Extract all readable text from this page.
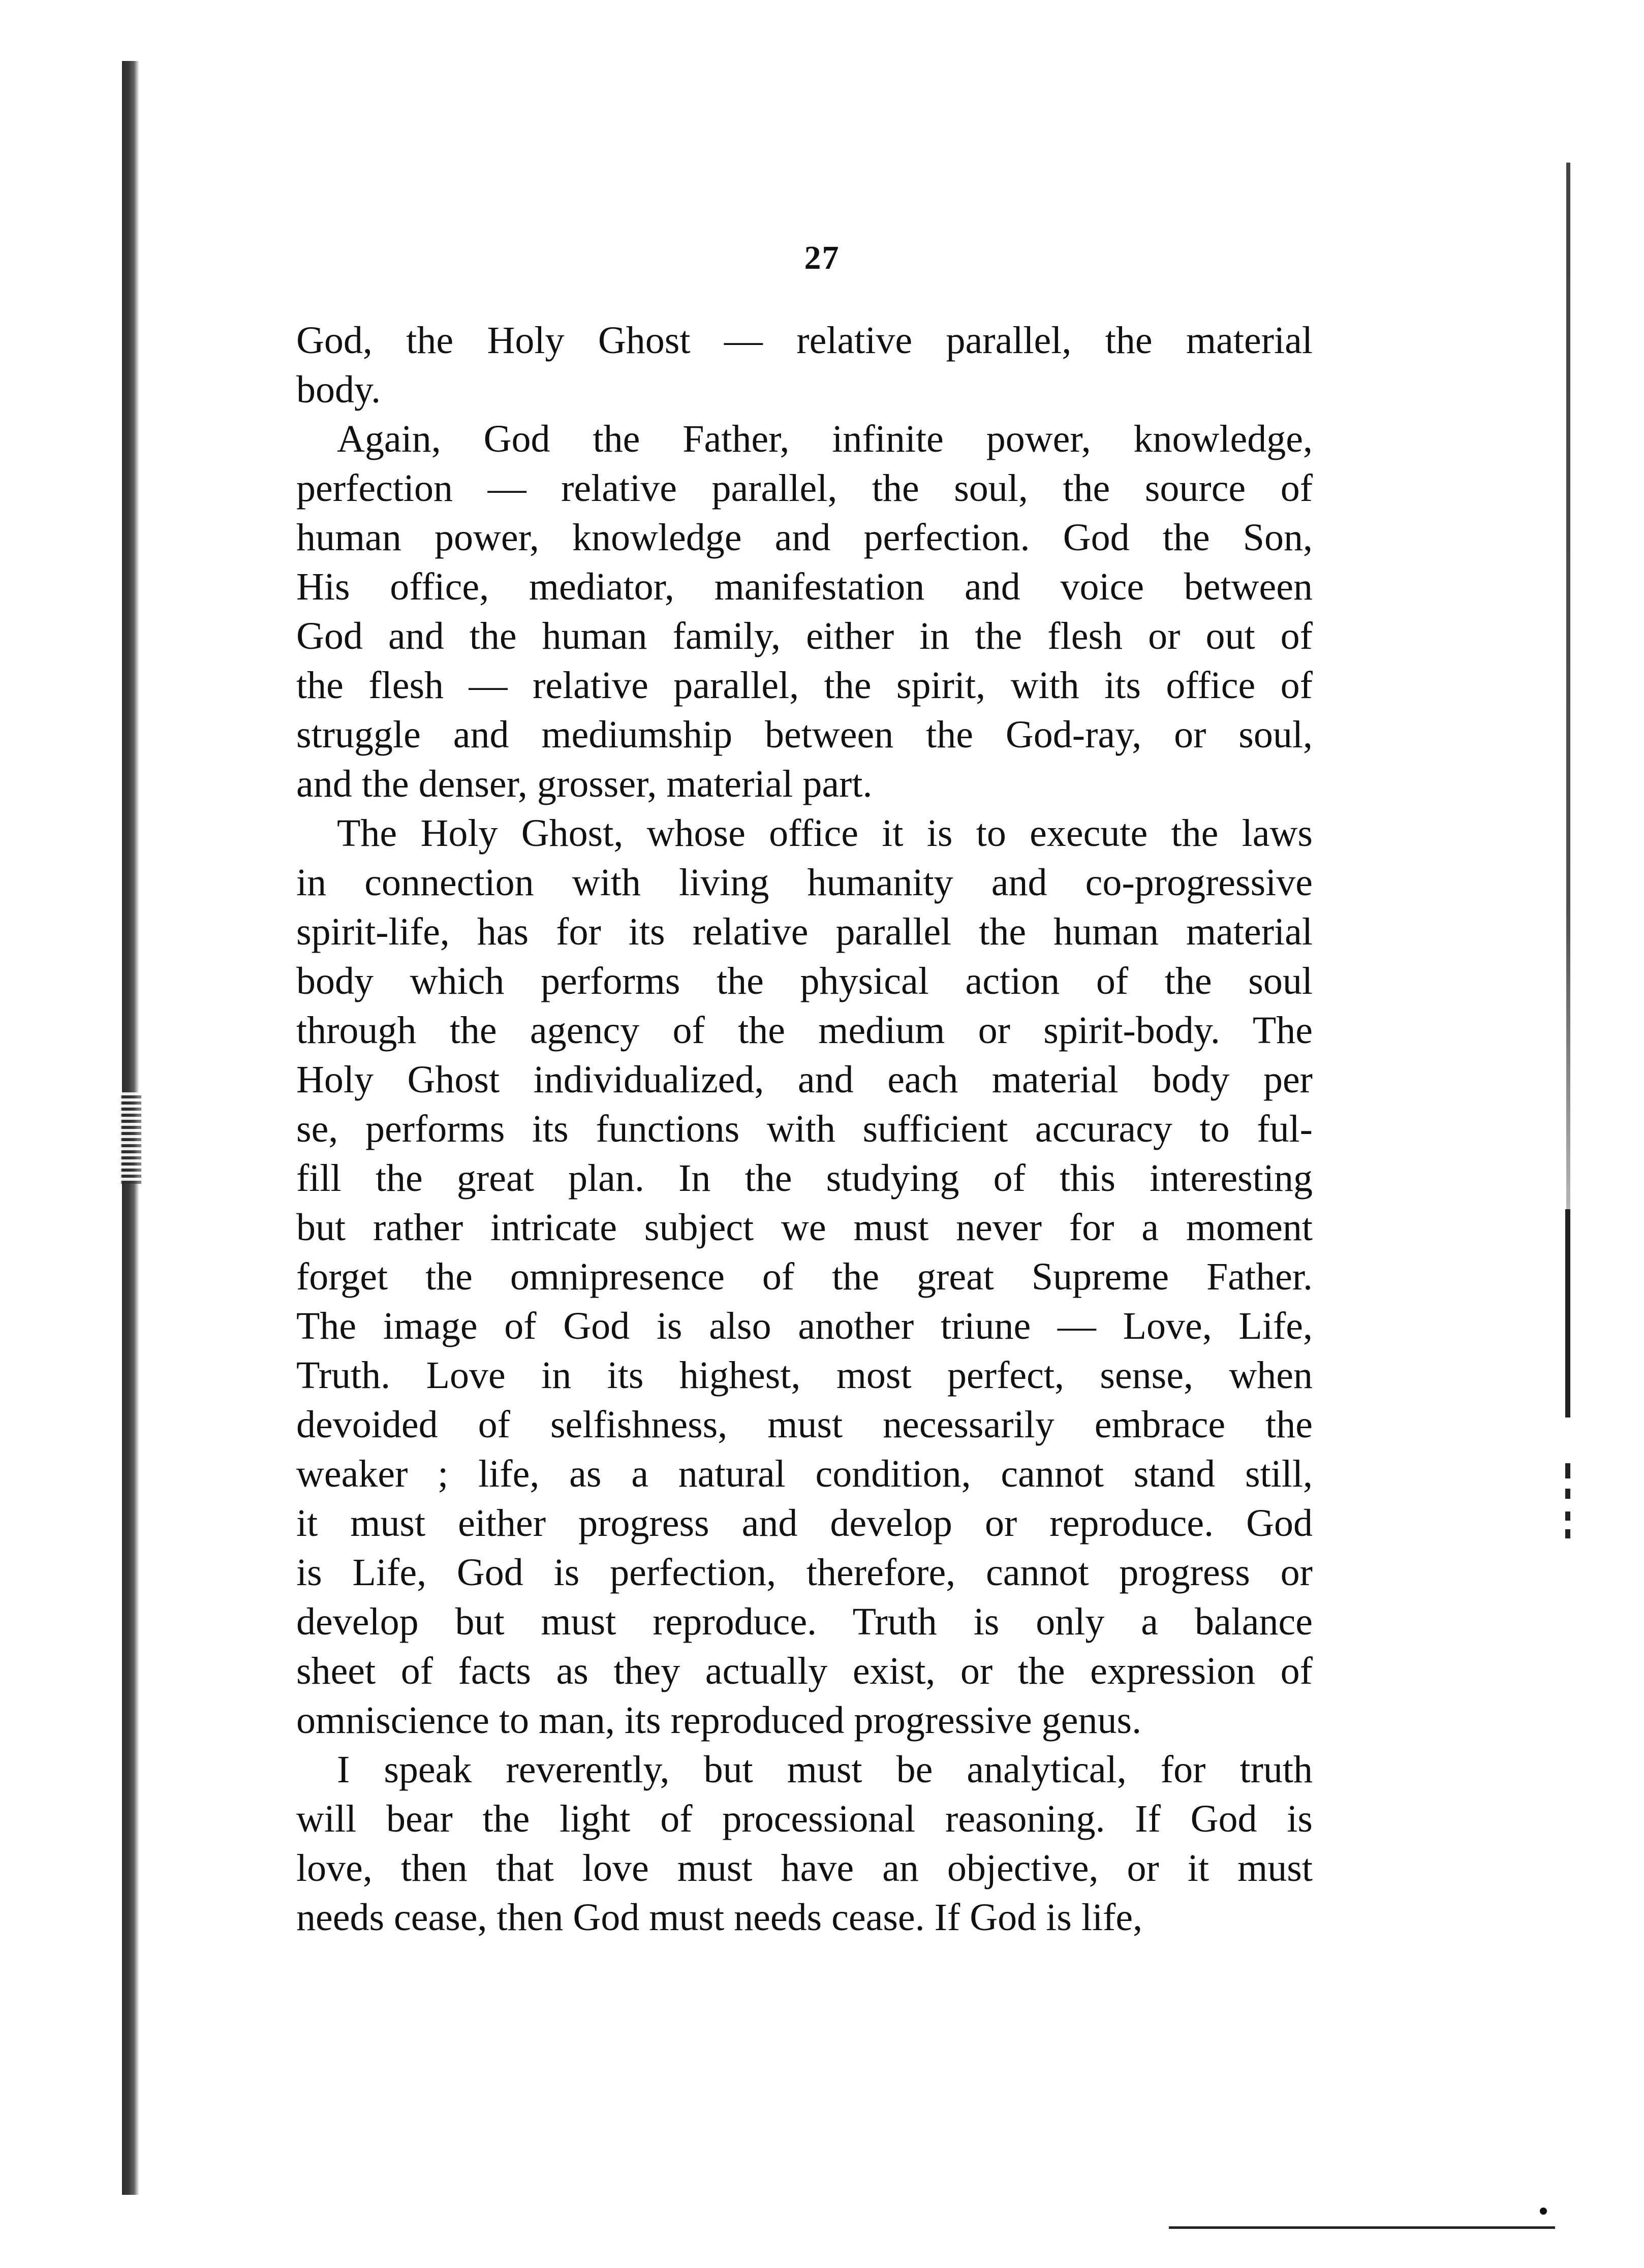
27
God, the Holy Ghost — relative parallel, the material
body.
Again, God the Father, infinite power, knowledge,
perfection — relative parallel, the soul, the source of
human power, knowledge and perfection. God the Son,
His office, mediator, manifestation and voice between
God and the human family, either in the flesh or out of
the flesh — relative parallel, the spirit, with its office of
struggle and mediumship between the God-ray, or soul,
and the denser, grosser, material part.
The Holy Ghost, whose office it is to execute the laws
in connection with living humanity and co-progressive
spirit-life, has for its relative parallel the human material
body which performs the physical action of the soul
through the agency of the medium or spirit-body. The
Holy Ghost individualized, and each material body per
se, performs its functions with sufficient accuracy to ful-
fill the great plan. In the studying of this interesting
but rather intricate subject we must never for a moment
forget the omnipresence of the great Supreme Father.
The image of God is also another triune — Love, Life,
Truth. Love in its highest, most perfect, sense, when
devoided of selfishness, must necessarily embrace the
weaker ; life, as a natural condition, cannot stand still,
it must either progress and develop or reproduce. God
is Life, God is perfection, therefore, cannot progress or
develop but must reproduce. Truth is only a balance
sheet of facts as they actually exist, or the expression of
omniscience to man, its reproduced progressive genus.
I speak reverently, but must be analytical, for truth
will bear the light of processional reasoning. If God is
love, then that love must have an objective, or it must
needs cease, then God must needs cease. If God is life,
